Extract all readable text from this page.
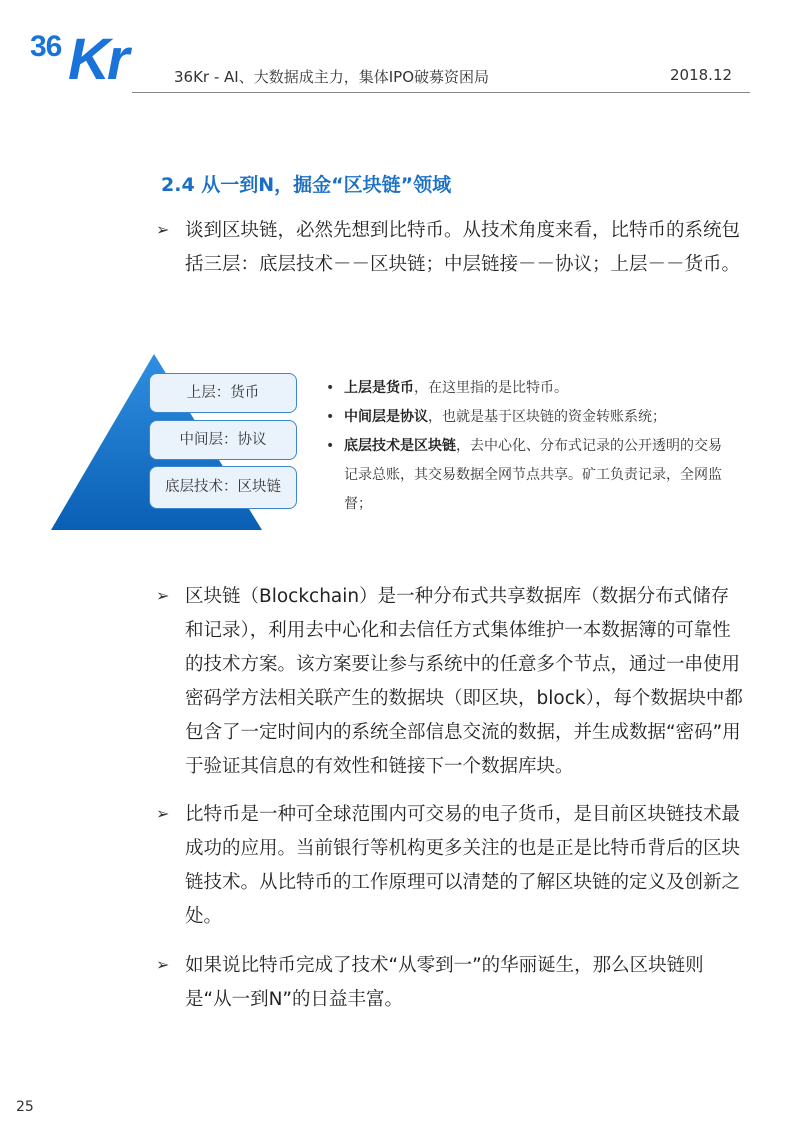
36 Kr	36Kr - AI、大数据成主力，集体IPO破募资困局	2018.12
2.4 从一到N，掘金“区块链”领域
➢ 谈到区块链，必然先想到比特币。从技术角度来看，比特币的系统包括三层：底层技术－－区块链；中层链接－－协议；上层－－货币。
上层：货币
中间层：协议
底层技术：区块链
• 上层是货币，在这里指的是比特币。
• 中间层是协议，也就是基于区块链的资金转账系统；
• 底层技术是区块链，去中心化、分布式记录的公开透明的交易记录总账，其交易数据全网节点共享。矿工负责记录，全网监督；
➢ 区块链（Blockchain）是一种分布式共享数据库（数据分布式储存和记录），利用去中心化和去信任方式集体维护一本数据簿的可靠性的技术方案。该方案要让参与系统中的任意多个节点，通过一串使用密码学方法相关联产生的数据块（即区块，block），每个数据块中都包含了一定时间内的系统全部信息交流的数据，并生成数据“密码”用于验证其信息的有效性和链接下一个数据库块。
➢ 比特币是一种可全球范围内可交易的电子货币，是目前区块链技术最成功的应用。当前银行等机构更多关注的也是正是比特币背后的区块链技术。从比特币的工作原理可以清楚的了解区块链的定义及创新之处。
➢ 如果说比特币完成了技术“从零到一”的华丽诞生，那么区块链则是“从一到N”的日益丰富。
25
